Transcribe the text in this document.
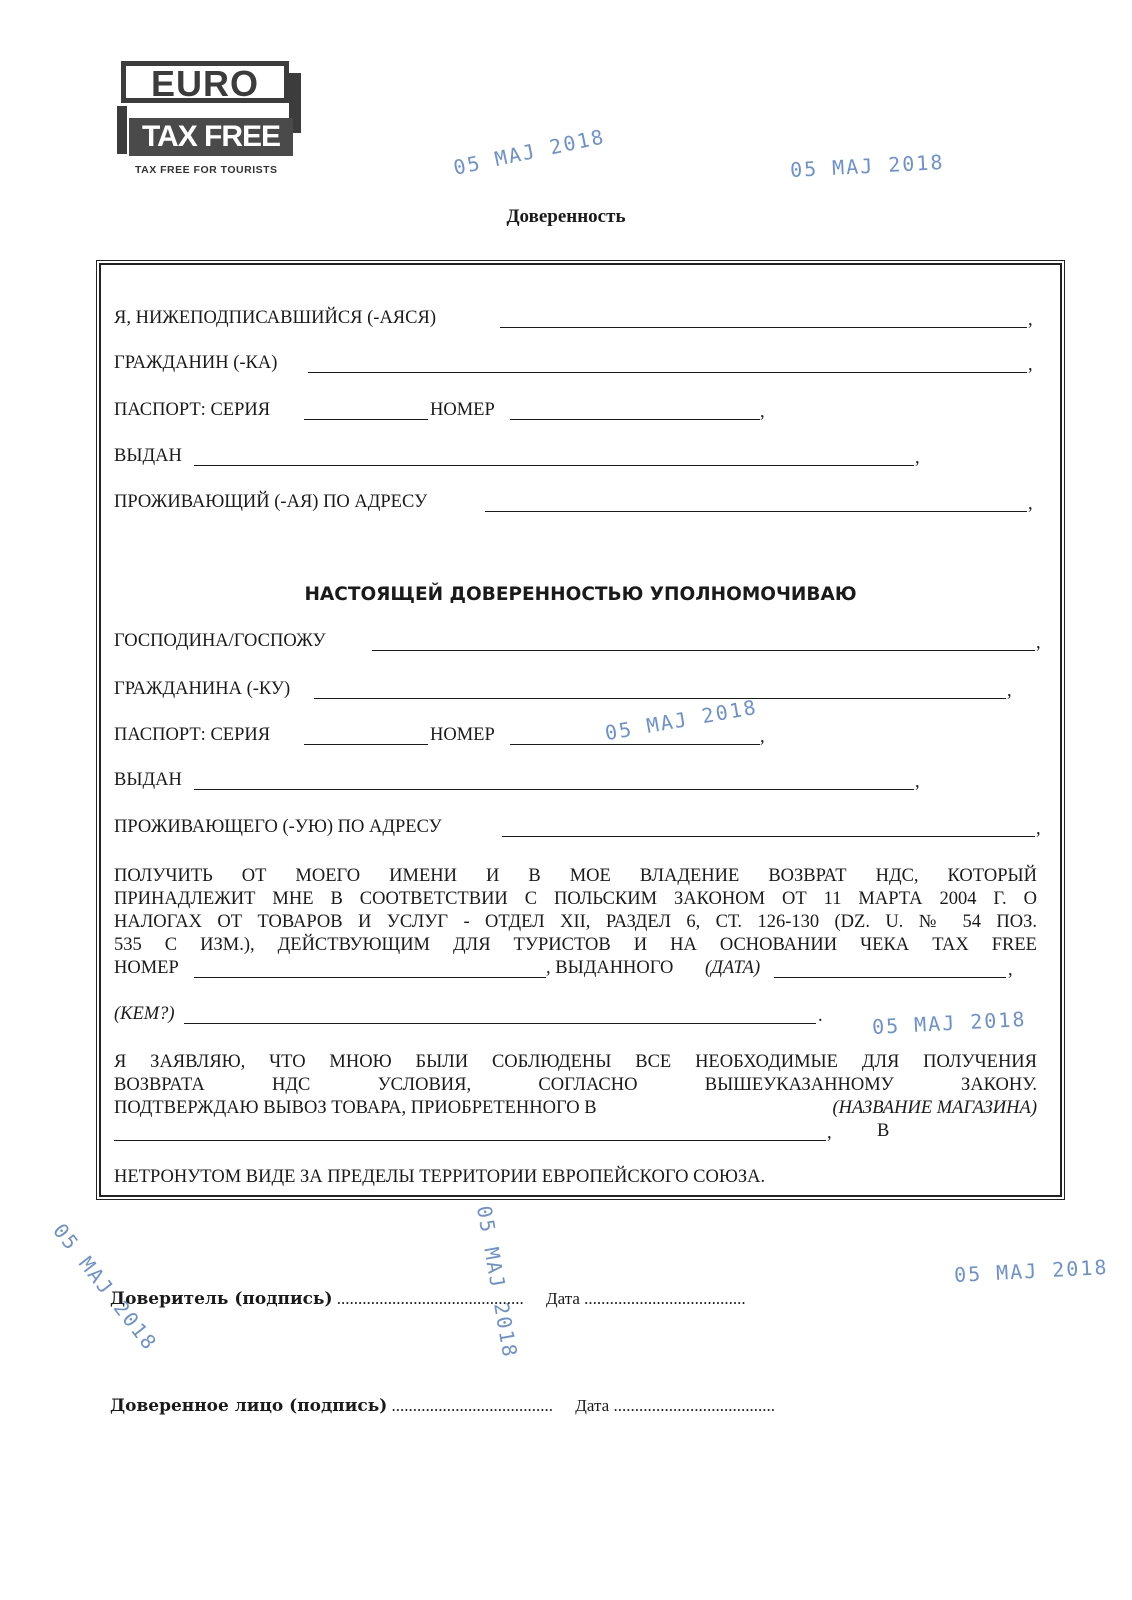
EURO
TAX FREE
TAX FREE FOR TOURISTS	05 MAJ 2018	05 MAJ 2018
05 MAJ 2018
05 MAJ 2018
05 MAJ 2018
05 MAJ 2018	05 MAJ 2018
Доверенность
Я, НИЖЕПОДПИСАВШИЙСЯ (-АЯСЯ)	,
ГРАЖДАНИН (-КА)	,
ПАСПОРТ: СЕРИЯ	НОМЕР	,
ВЫДАН	,
ПРОЖИВАЮЩИЙ (-АЯ) ПО АДРЕСУ	,
НАСТОЯЩЕЙ ДОВЕРЕННОСТЬЮ УПОЛНОМОЧИВАЮ
ГОСПОДИНА/ГОСПОЖУ	,
ГРАЖДАНИНА (-КУ)	,
ПАСПОРТ: СЕРИЯ	НОМЕР	,
ВЫДАН	,
ПРОЖИВАЮЩЕГО (-УЮ) ПО АДРЕСУ	,
ПОЛУЧИТЬ ОТ МОЕГО ИМЕНИ И В МОЕ ВЛАДЕНИЕ ВОЗВРАТ НДС, КОТОРЫЙ
ПРИНАДЛЕЖИТ МНЕ В СООТВЕТСТВИИ С ПОЛЬСКИМ ЗАКОНОМ ОТ 11 МАРТА 2004 Г. О
НАЛОГАХ ОТ ТОВАРОВ И УСЛУГ - ОТДЕЛ XII, РАЗДЕЛ 6, СТ. 126-130 (DZ. U. № 54 ПОЗ.
535 С ИЗМ.), ДЕЙСТВУЮЩИМ ДЛЯ ТУРИСТОВ И НА ОСНОВАНИИ ЧЕКА TAX FREE
НОМЕР	, ВЫДАННОГО (ДАТА)	,
(КЕМ?)	.
Я ЗАЯВЛЯЮ, ЧТО МНОЮ БЫЛИ СОБЛЮДЕНЫ ВСЕ НЕОБХОДИМЫЕ ДЛЯ ПОЛУЧЕНИЯ
ВОЗВРАТА НДС УСЛОВИЯ, СОГЛАСНО ВЫШЕУКАЗАННОМУ ЗАКОНУ.
ПОДТВЕРЖДАЮ ВЫВОЗ ТОВАРА, ПРИОБРЕТЕННОГО В	(НАЗВАНИЕ МАГАЗИНА)
, В
НЕТРОНУТОМ ВИДЕ ЗА ПРЕДЕЛЫ ТЕРРИТОРИИ ЕВРОПЕЙСКОГО СОЮЗА.
Доверитель (подпись) ............................................ Дата ......................................
Доверенное лицо (подпись) ...................................... Дата ......................................
